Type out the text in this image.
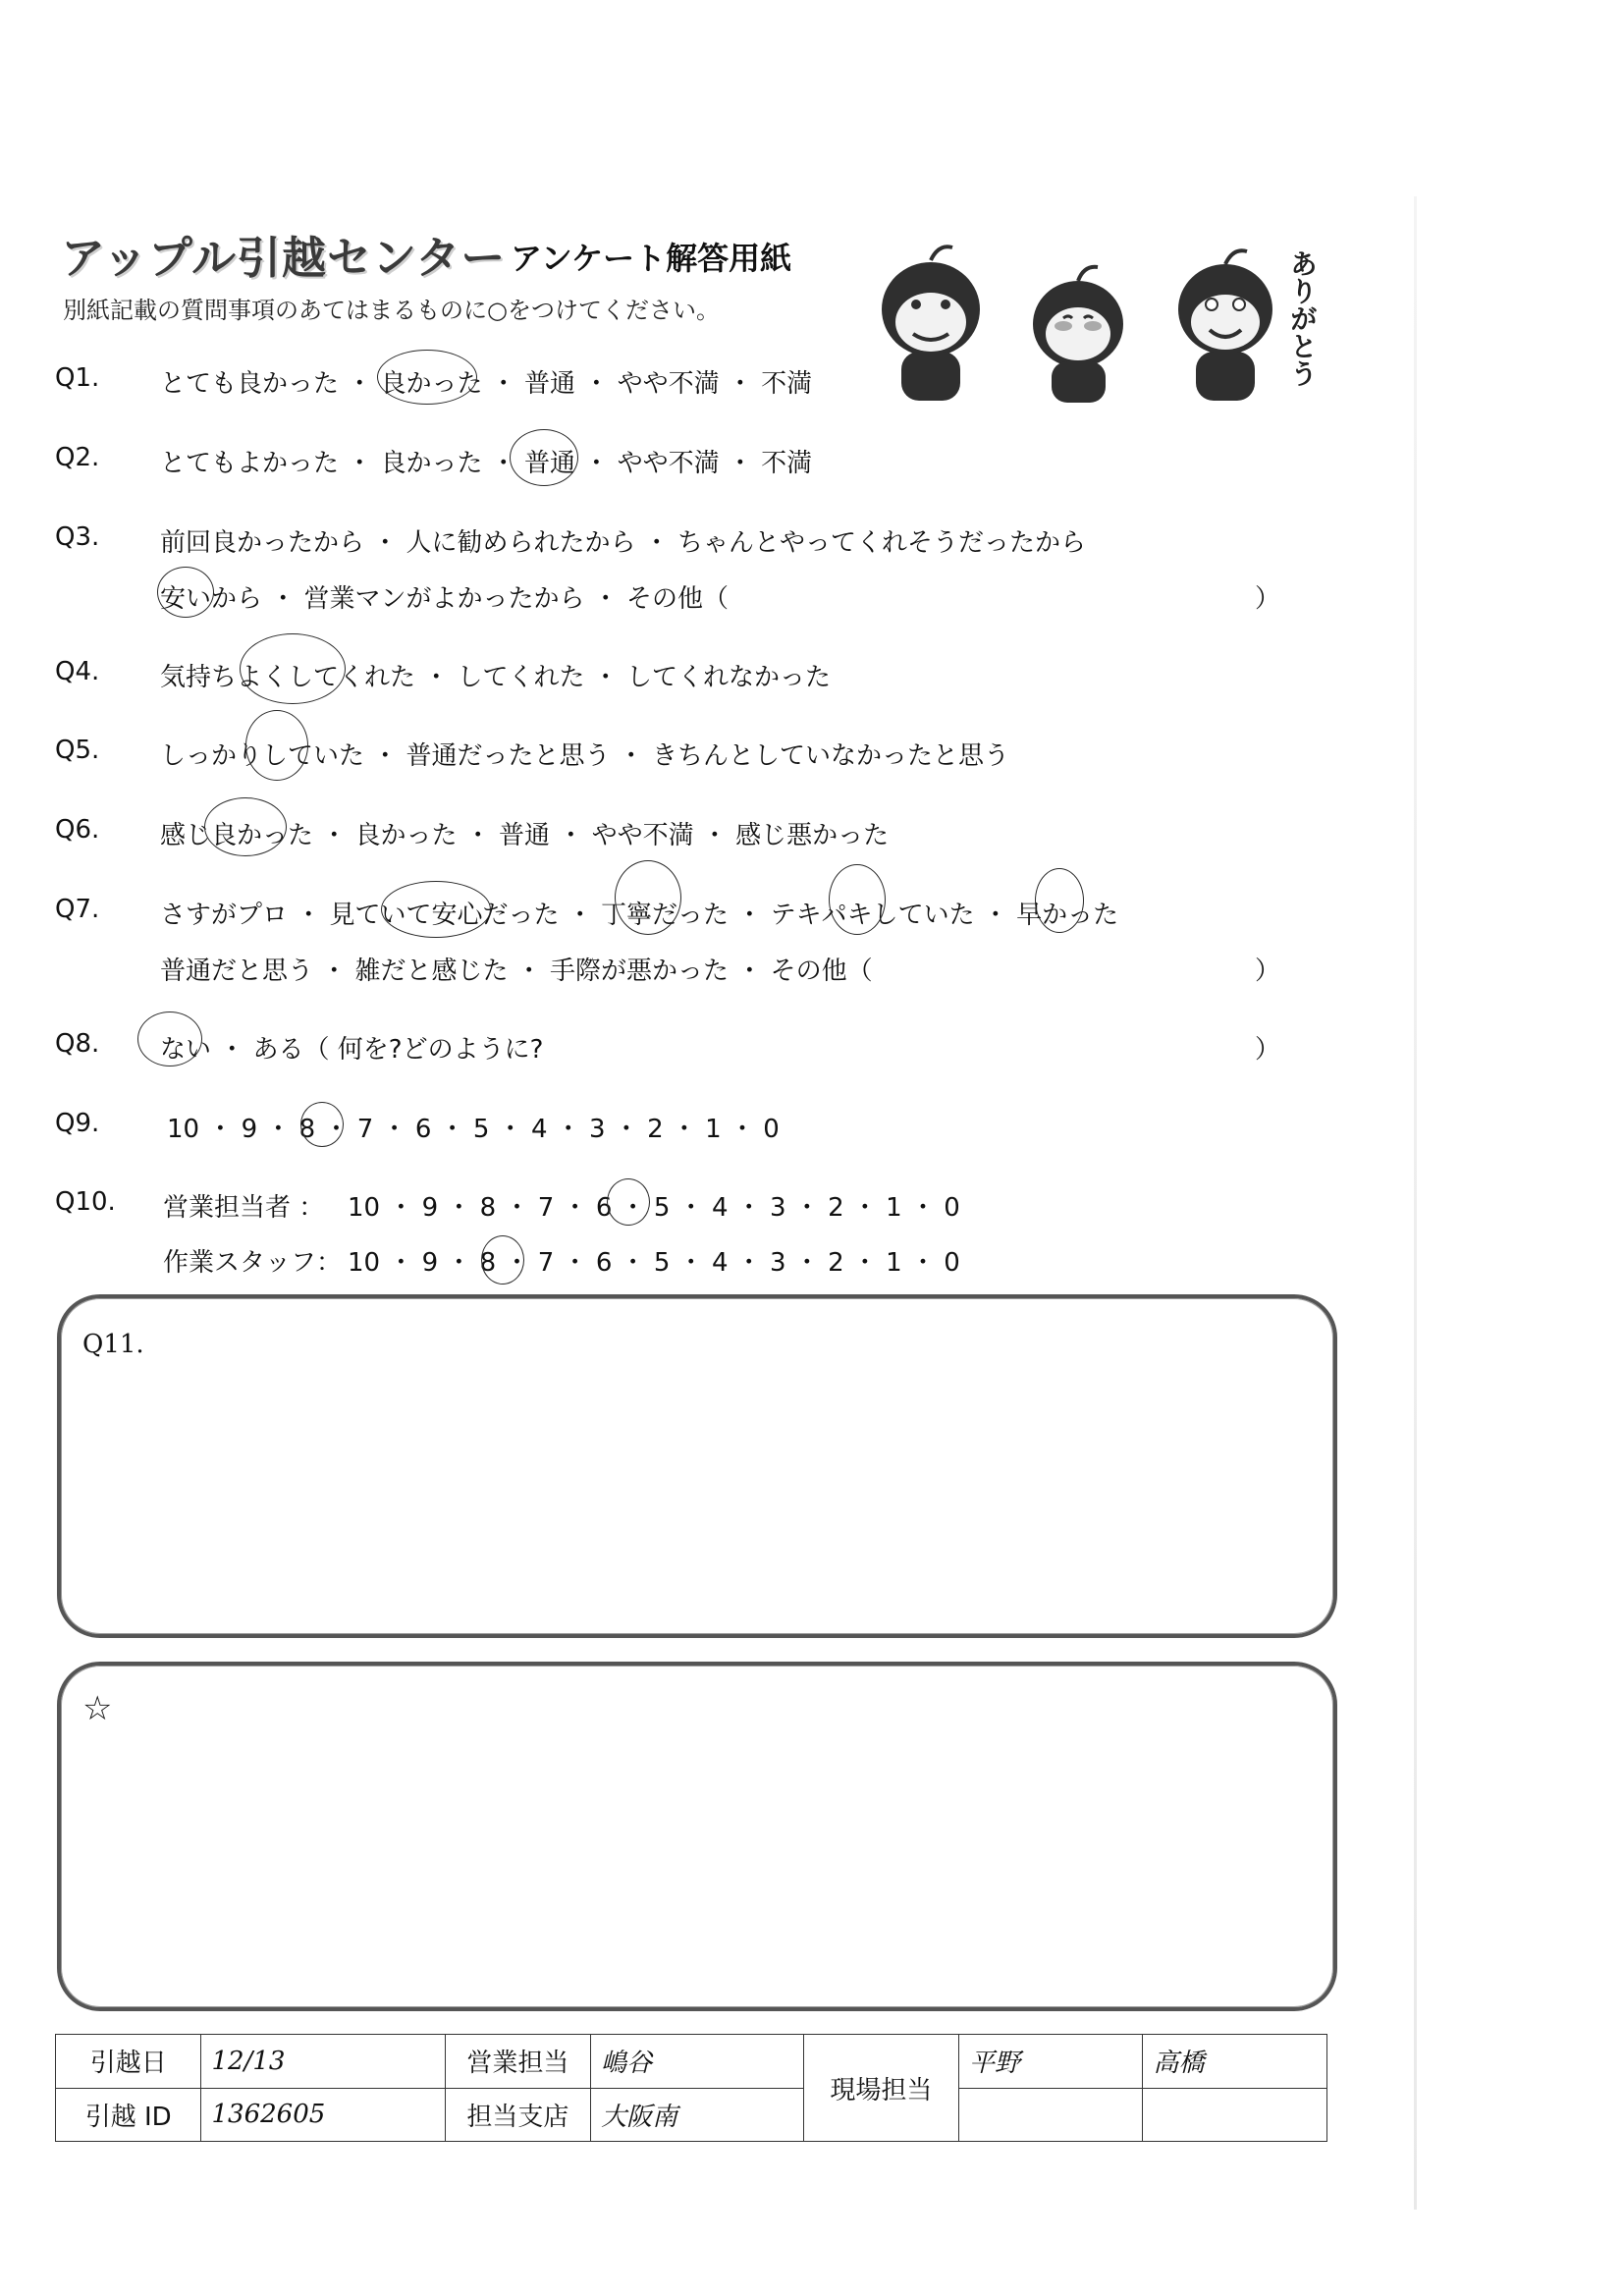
アップル引越センター アンケート解答用紙
別紙記載の質問事項のあてはまるものに○をつけてください。	ありがとう
Q1. とても良かった ・ 良かった ・ 普通 ・ やや不満 ・ 不満
Q2. とてもよかった ・ 良かった ・ 普通 ・ やや不満 ・ 不満
Q3. 前回良かったから ・ 人に勧められたから ・ ちゃんとやってくれそうだったから
安いから ・ 営業マンがよかったから ・ その他（	）
Q4. 気持ちよくしてくれた ・ してくれた ・ してくれなかった
Q5. しっかりしていた ・ 普通だったと思う ・ きちんとしていなかったと思う
Q6. 感じ良かった ・ 良かった ・ 普通 ・ やや不満 ・ 感じ悪かった
Q7. さすがプロ ・ 見ていて安心だった ・ 丁寧だった ・ テキパキしていた ・ 早かった
普通だと思う ・ 雑だと感じた ・ 手際が悪かった ・ その他（	）
Q8. ない ・ ある（ 何を?どのように?	）
Q9.	10 ・ 9 ・ 8 ・ 7 ・ 6 ・ 5 ・ 4 ・ 3 ・ 2 ・ 1 ・ 0
Q10. 営業担当者 ： 10 ・ 9 ・ 8 ・ 7 ・ 6 ・ 5 ・ 4 ・ 3 ・ 2 ・ 1 ・ 0
作業スタッフ： 10 ・ 9 ・ 8 ・ 7 ・ 6 ・ 5 ・ 4 ・ 3 ・ 2 ・ 1 ・ 0
Q11.
☆
引越日	12/13	営業担当	嶋谷	現場担当	平野	高橋
引越 ID	1362605	担当支店	大阪南			
